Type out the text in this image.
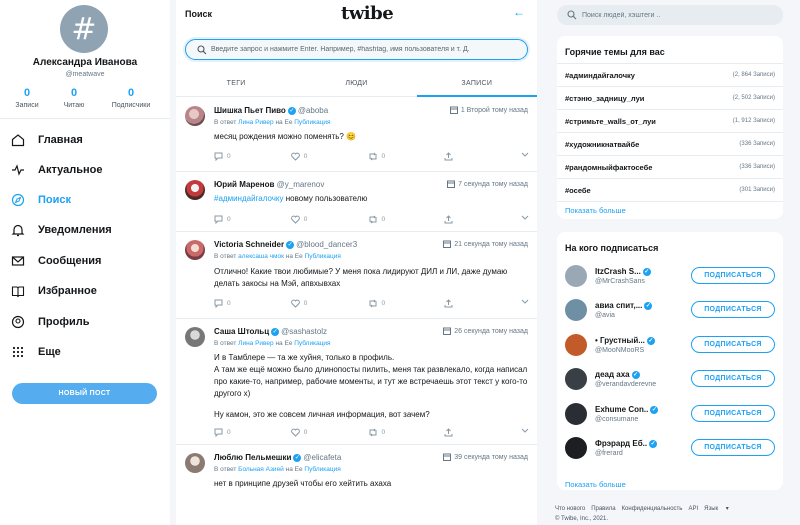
#
Александра Иванова
@meatwave
0
Записи
0
Читаю
0
Подписчики
Главная
Актуальное
Поиск
Уведомления
Сообщения
Избранное
Профиль
Еще
НОВЫЙ ПОСТ
Поиск	twibe	←
Введите запрос и нажмите Enter. Например, #hashtag, имя пользователя и т. Д.
ТЕГИ	ЛЮДИ	ЗАПИСИ
Шишка Пьет Пиво ✓ @aboba	1 Второй тому назад
В ответ Лина Ривер на Ее Публикация
месяц рождения можно поменять? 😊
0	0	0
Юрий Маренов @y_marenov	7 секунда тому назад
#админдайгалочку новому пользователю
0	0	0
Victoria Schneider ✓ @blood_dancer3	21 секунда тому назад
В ответ алексаша чмок на Ее Публикация
Отлично! Какие твои любимые? У меня пока лидируют ДИЛ и ЛИ, даже думаю делать закосы на Мэй, апвхывхах
0	0	0
Саша Штольц ✓ @sashastolz	26 секунда тому назад
В ответ Лина Ривер на Ее Публикация
И в Тамблере — та же хуйня, только в профиль.
А там же ещё можно было длинопосты пилить, меня так развлекало, когда написал про какие-то, например, рабочие моменты, и тут же встречаешь этот текст у кого-то другого x)
Ну камон, это же совсем личная информация, вот зачем?
0	0	0
Люблю Пельмешки ✓ @elicafeta	39 секунда тому назад
В ответ Больная Азией на Ее Публикация
нет в принципе друзей чтобы его хейтить ахаха
Поиск людей, хэштеги ..
Горячие темы для вас
#админдайгалочку	(2, 864 Записи)
#стэню_задницу_луи	(2, 502 Записи)
#стримьте_walls_от_луи	(1, 912 Записи)
#художникнатвайбе	(336 Записи)
#рандомныйфактосебе	(336 Записи)
#осебе	(301 Записи)
Показать больше
На кого подписаться
ItzCrash S... ✓
@MrCrashSans
ПОДПИСАТЬСЯ
авиа спит,... ✓
@avia
ПОДПИСАТЬСЯ
• Грустный... ✓
@MooNMooRS
ПОДПИСАТЬСЯ
деад аха ✓
@verandavderevne
ПОДПИСАТЬСЯ
Exhume Con.. ✓
@consumane
ПОДПИСАТЬСЯ
Фрэрард Еб.. ✓
@frerard
ПОДПИСАТЬСЯ
Показать больше
Что нового Правила Конфиденциальность API Язык ▾
© Twibe, Inc., 2021.
